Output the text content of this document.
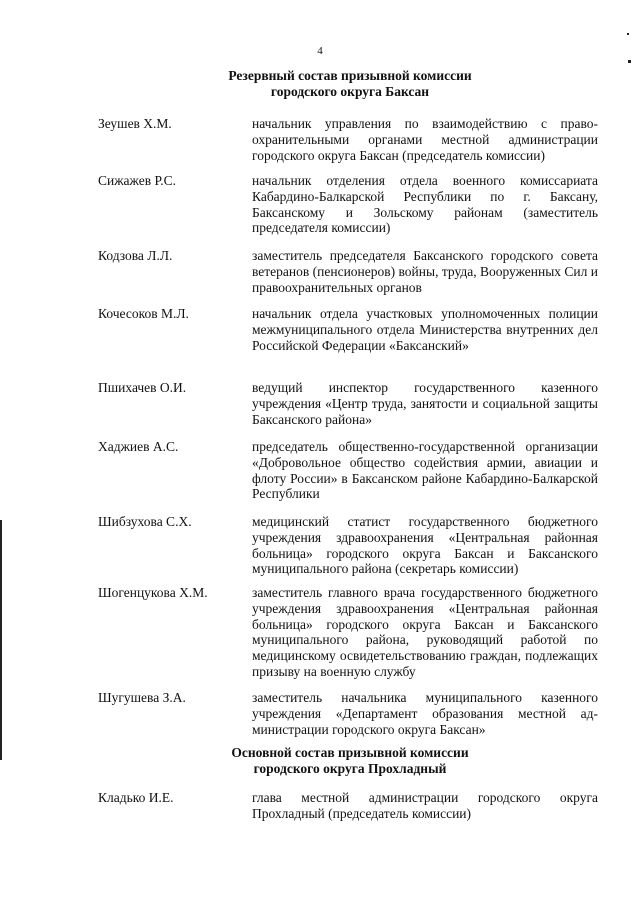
4
Резервный состав призывной комиссии
городского округа Баксан
Зеушев Х.М.	начальник управления по взаимодействию с правоохранительными органами местной администрации городского округа Баксан (председатель комиссии)
Сижажев Р.С.	начальник отделения отдела военного комиссариата Кабардино-Балкарской Республики по г. Баксану, Баксанскому и Зольскому районам (заместитель председателя комиссии)
Кодзова Л.Л.	заместитель председателя Баксанского городского совета ветеранов (пенсионеров) войны, труда, Вооруженных Сил и правоохранительных органов
Кочесоков М.Л.	начальник отдела участковых уполномоченных полиции межмуниципального отдела Министерства внутренних дел Российской Федерации «Баксанский»
Пшихачев О.И.	ведущий инспектор государственного казенного учреждения «Центр труда, занятости и социальной защиты Баксанского района»
Хаджиев А.С.	председатель общественно-государственной организации «Добровольное общество содействия армии, авиации и флоту России» в Баксанском районе Кабардино-Балкарской Республики
Шибзухова С.Х.	медицинский статист государственного бюджетного учреждения здравоохранения «Центральная районная больница» городского округа Баксан и Баксанского муниципального района (секретарь комиссии)
Шогенцукова Х.М.	заместитель главного врача государственного бюджетного учреждения здравоохранения «Центральная районная больница» городского округа Баксан и Баксанского муниципального района, руководящий работой по медицинскому освидетельствованию граждан, подлежащих призыву на военную службу
Шугушева З.А.	заместитель начальника муниципального казенного учреждения «Департамент образования местной администрации городского округа Баксан»
Основной состав призывной комиссии
городского округа Прохладный
Кладько И.Е.	глава местной администрации городского округа Прохладный (председатель комиссии)
